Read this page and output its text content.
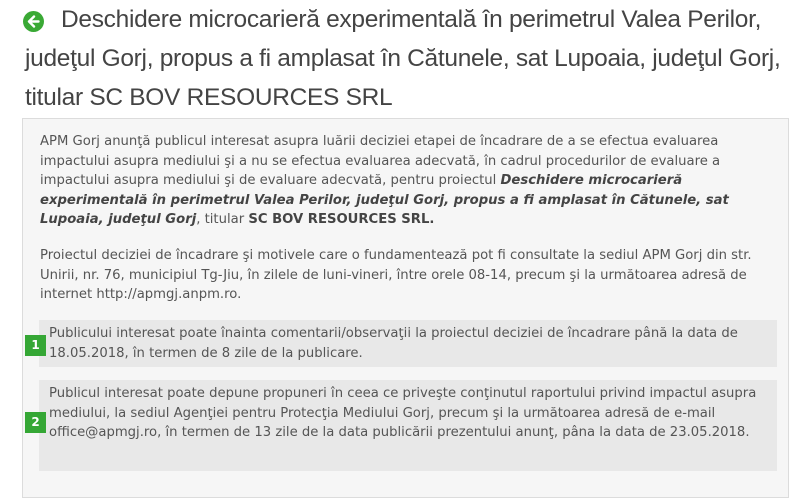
Deschidere microcarieră experimentală în perimetrul Valea Perilor, judeţul Gorj, propus a fi amplasat în Cătunele, sat Lupoaia, judeţul Gorj, titular SC BOV RESOURCES SRL

APM Gorj anunţă publicul interesat asupra luării deciziei etapei de încadrare de a se efectua evaluarea impactului asupra mediului şi a nu se efectua evaluarea adecvată, în cadrul procedurilor de evaluare a impactului asupra mediului şi de evaluare adecvată, pentru proiectul Deschidere microcarieră experimentală în perimetrul Valea Perilor, judeţul Gorj, propus a fi amplasat în Cătunele, sat Lupoaia, judeţul Gorj, titular SC BOV RESOURCES SRL.

Proiectul deciziei de încadrare şi motivele care o fundamentează pot fi consultate la sediul APM Gorj din str. Unirii, nr. 76, municipiul Tg-Jiu, în zilele de luni-vineri, între orele 08-14, precum şi la următoarea adresă de internet http://apmgj.anpm.ro.

1
Publicului interesat poate înainta comentarii/observaţii la proiectul deciziei de încadrare până la data de 18.05.2018, în termen de 8 zile de la publicare.
2
Publicul interesat poate depune propuneri în ceea ce priveşte conţinutul raportului privind impactul asupra mediului, la sediul Agenţiei pentru Protecţia Mediului Gorj, precum şi la următoarea adresă de e-mail office@apmgj.ro, în termen de 13 zile de la data publicării prezentului anunţ, pâna la data de 23.05.2018.
